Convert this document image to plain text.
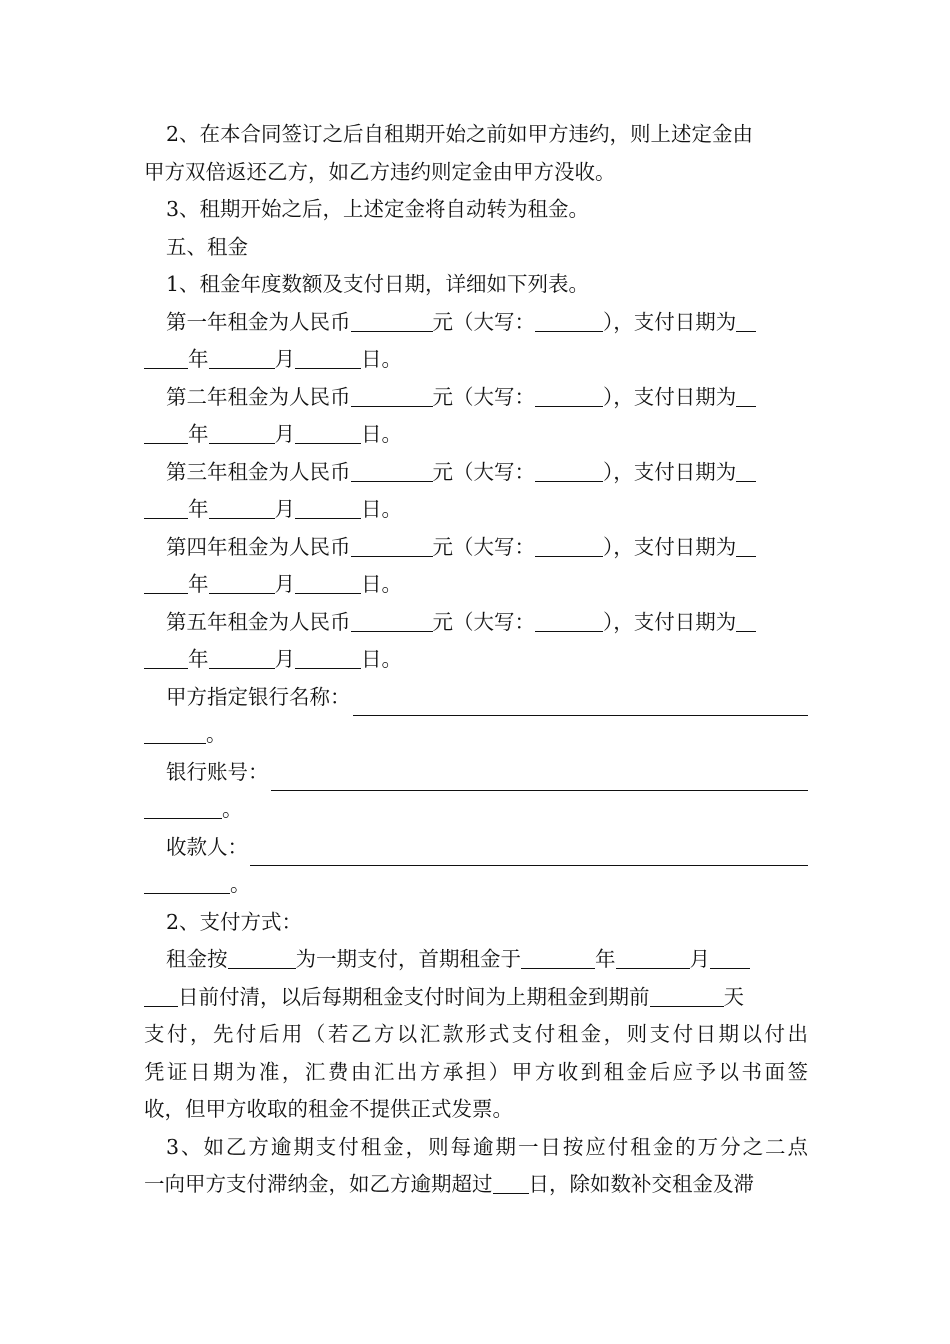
2、在本合同签订之后自租期开始之前如甲方违约，则上述定金由
甲方双倍返还乙方，如乙方违约则定金由甲方没收。
3、租期开始之后，上述定金将自动转为租金。
五、租金
1、租金年度数额及支付日期，详细如下列表。
第一年租金为人民币	元（大写：	），支付日期为
年	月	日。
第二年租金为人民币	元（大写：	），支付日期为
年	月	日。
第三年租金为人民币	元（大写：	），支付日期为
年	月	日。
第四年租金为人民币	元（大写：	），支付日期为
年	月	日。
第五年租金为人民币	元（大写：	），支付日期为
年	月	日。
甲方指定银行名称：
。
银行账号：
。
收款人：
。
2、支付方式：
租金按	为一期支付，首期租金于	年	月
日前付清，以后每期租金支付时间为上期租金到期前	天
支付，先付后用（若乙方以汇款形式支付租金，则支付日期以付出
凭证日期为准，汇费由汇出方承担）甲方收到租金后应予以书面签
收，但甲方收取的租金不提供正式发票。
3、如乙方逾期支付租金，则每逾期一日按应付租金的万分之二点
一向甲方支付滞纳金，如乙方逾期超过 日，除如数补交租金及滞
